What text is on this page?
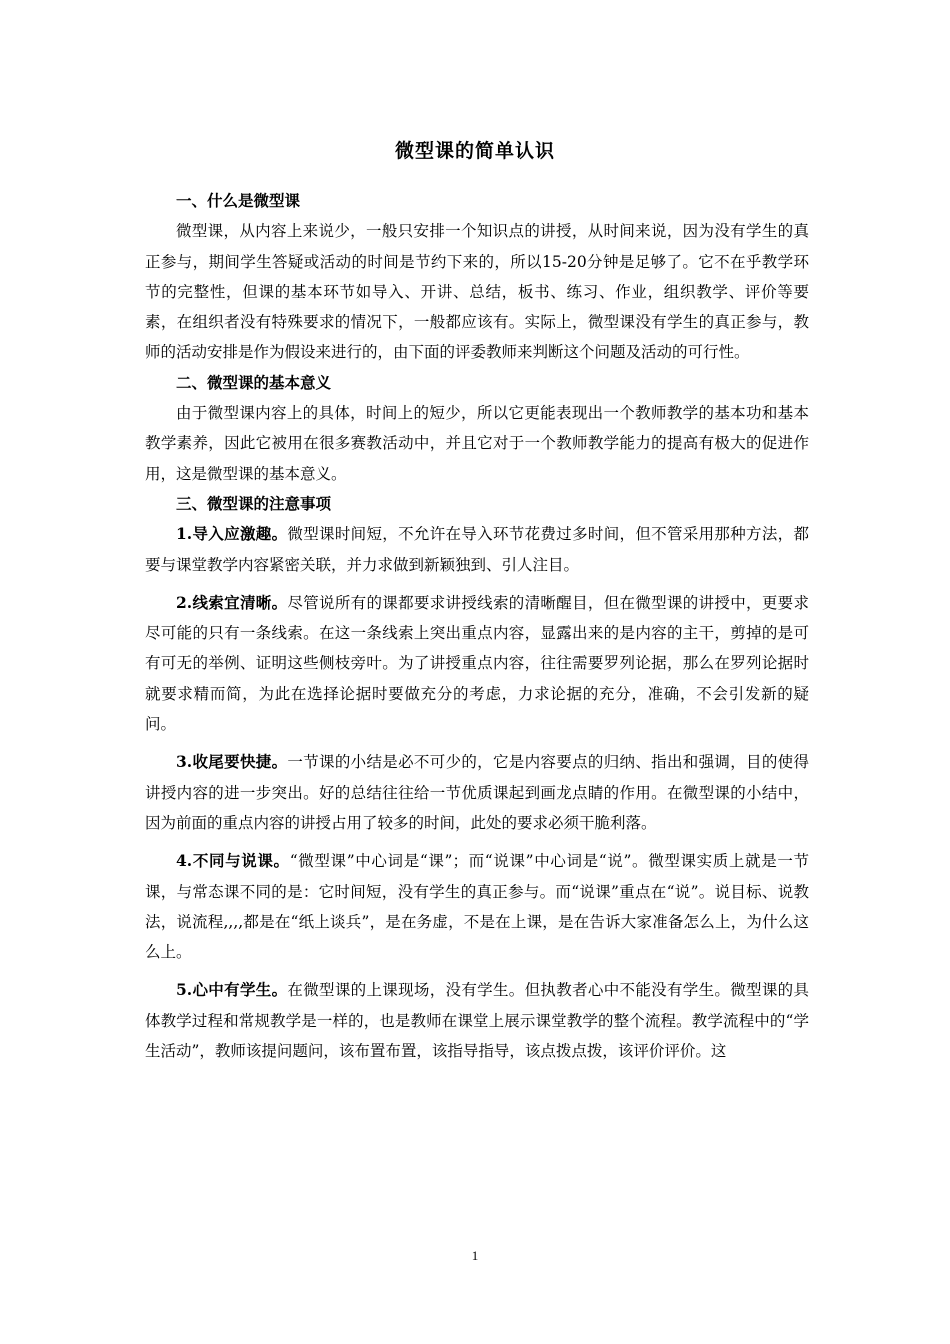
微型课的简单认识
一、什么是微型课

微型课，从内容上来说少，一般只安排一个知识点的讲授，从时间来说，因为没有学生的真正参与，期间学生答疑或活动的时间是节约下来的，所以15-20分钟是足够了。它不在乎教学环节的完整性，但课的基本环节如导入、开讲、总结，板书、练习、作业，组织教学、评价等要素，在组织者没有特殊要求的情况下，一般都应该有。实际上，微型课没有学生的真正参与，教师的活动安排是作为假设来进行的，由下面的评委教师来判断这个问题及活动的可行性。

二、微型课的基本意义

由于微型课内容上的具体，时间上的短少，所以它更能表现出一个教师教学的基本功和基本教学素养，因此它被用在很多赛教活动中，并且它对于一个教师教学能力的提高有极大的促进作用，这是微型课的基本意义。

三、微型课的注意事项

1.导入应激趣。微型课时间短，不允许在导入环节花费过多时间，但不管采用那种方法，都要与课堂教学内容紧密关联，并力求做到新颖独到、引人注目。

2.线索宜清晰。尽管说所有的课都要求讲授线索的清晰醒目，但在微型课的讲授中，更要求尽可能的只有一条线索。在这一条线索上突出重点内容，显露出来的是内容的主干，剪掉的是可有可无的举例、证明这些侧枝旁叶。为了讲授重点内容，往往需要罗列论据，那么在罗列论据时就要求精而简，为此在选择论据时要做充分的考虑，力求论据的充分，准确，不会引发新的疑问。

3.收尾要快捷。一节课的小结是必不可少的，它是内容要点的归纳、指出和强调，目的使得讲授内容的进一步突出。好的总结往往给一节优质课起到画龙点睛的作用。在微型课的小结中，因为前面的重点内容的讲授占用了较多的时间，此处的要求必须干脆利落。

4.不同与说课。“微型课”中心词是“课”；而“说课”中心词是“说”。微型课实质上就是一节课，与常态课不同的是：它时间短，没有学生的真正参与。而“说课”重点在“说”。说目标、说教法，说流程,,,,都是在“纸上谈兵”，是在务虚，不是在上课，是在告诉大家准备怎么上，为什么这么上。

5.心中有学生。在微型课的上课现场，没有学生。但执教者心中不能没有学生。微型课的具体教学过程和常规教学是一样的，也是教师在课堂上展示课堂教学的整个流程。教学流程中的“学生活动”，教师该提问题问，该布置布置，该指导指导，该点拨点拨，该评价评价。这

1
